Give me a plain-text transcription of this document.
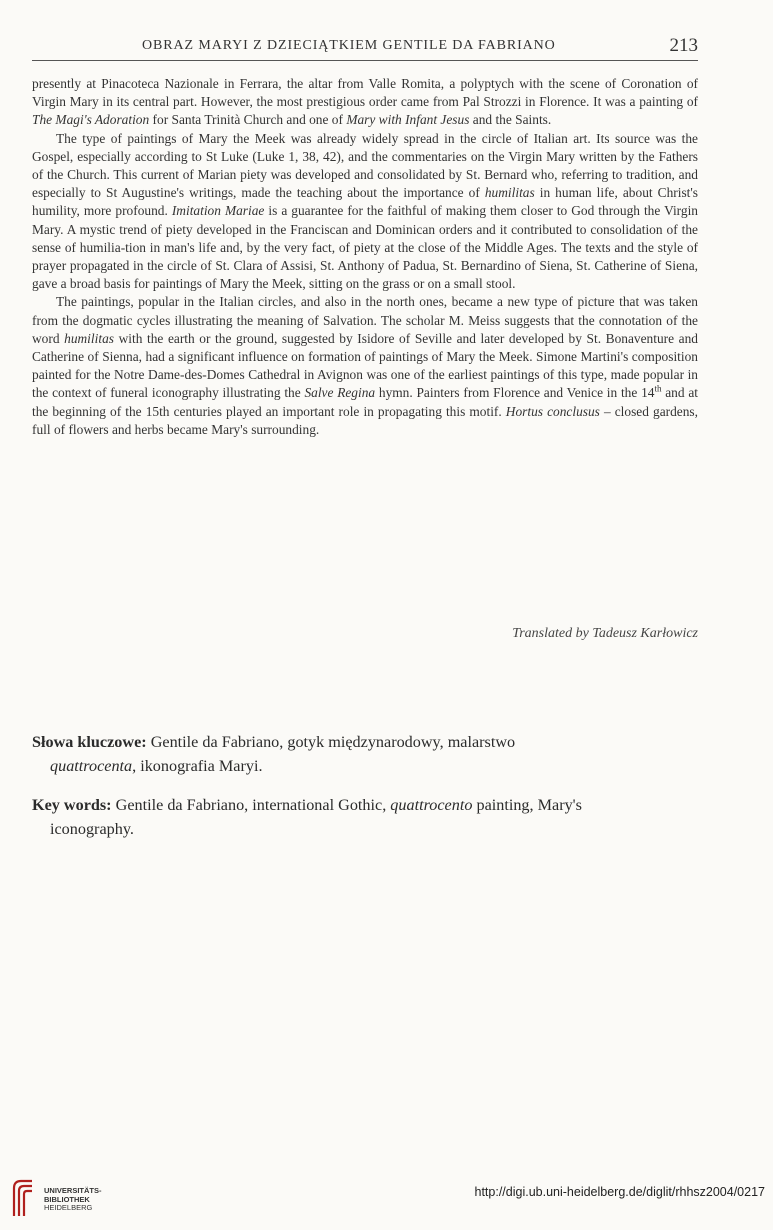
OBRAZ MARYI Z DZIECIĄTKIEM GENTILE DA FABRIANO	213

presently at Pinacoteca Nazionale in Ferrara, the altar from Valle Romita, a polyptych with the scene of Coronation of Virgin Mary in its central part. However, the most prestigious order came from Pal Strozzi in Florence. It was a painting of The Magi's Adoration for Santa Trinità Church and one of Mary with Infant Jesus and the Saints.

The type of paintings of Mary the Meek was already widely spread in the circle of Italian art. Its source was the Gospel, especially according to St Luke (Luke 1, 38, 42), and the commentaries on the Virgin Mary written by the Fathers of the Church. This current of Marian piety was developed and consolidated by St. Bernard who, referring to tradition, and especially to St Augustine's writings, made the teaching about the importance of humilitas in human life, about Christ's humility, more profound. Imitation Mariae is a guarantee for the faithful of making them closer to God through the Virgin Mary. A mystic trend of piety developed in the Franciscan and Dominican orders and it contributed to consolidation of the sense of humilia-tion in man's life and, by the very fact, of piety at the close of the Middle Ages. The texts and the style of prayer propagated in the circle of St. Clara of Assisi, St. Anthony of Padua, St. Bernardino of Siena, St. Catherine of Siena, gave a broad basis for paintings of Mary the Meek, sitting on the grass or on a small stool.

The paintings, popular in the Italian circles, and also in the north ones, became a new type of picture that was taken from the dogmatic cycles illustrating the meaning of Salvation. The scholar M. Meiss suggests that the connotation of the word humilitas with the earth or the ground, suggested by Isidore of Seville and later developed by St. Bonaventure and Catherine of Sienna, had a significant influence on formation of paintings of Mary the Meek. Simone Martini's composition painted for the Notre Dame-des-Domes Cathedral in Avignon was one of the earliest paintings of this type, made popular in the context of funeral iconography illustrating the Salve Regina hymn. Painters from Florence and Venice in the 14th and at the beginning of the 15th centuries played an important role in propagating this motif. Hortus conclusus – closed gardens, full of flowers and herbs became Mary's surrounding.

Translated by Tadeusz Karłowicz
Słowa kluczowe: Gentile da Fabriano, gotyk międzynarodowy, malarstwo
quattrocenta, ikonografia Maryi.
Key words: Gentile da Fabriano, international Gothic, quattrocento painting, Mary's
iconography.
UNIVERSITÄTS-
BIBLIOTHEK
HEIDELBERG
http://digi.ub.uni-heidelberg.de/diglit/rhhsz2004/0217
